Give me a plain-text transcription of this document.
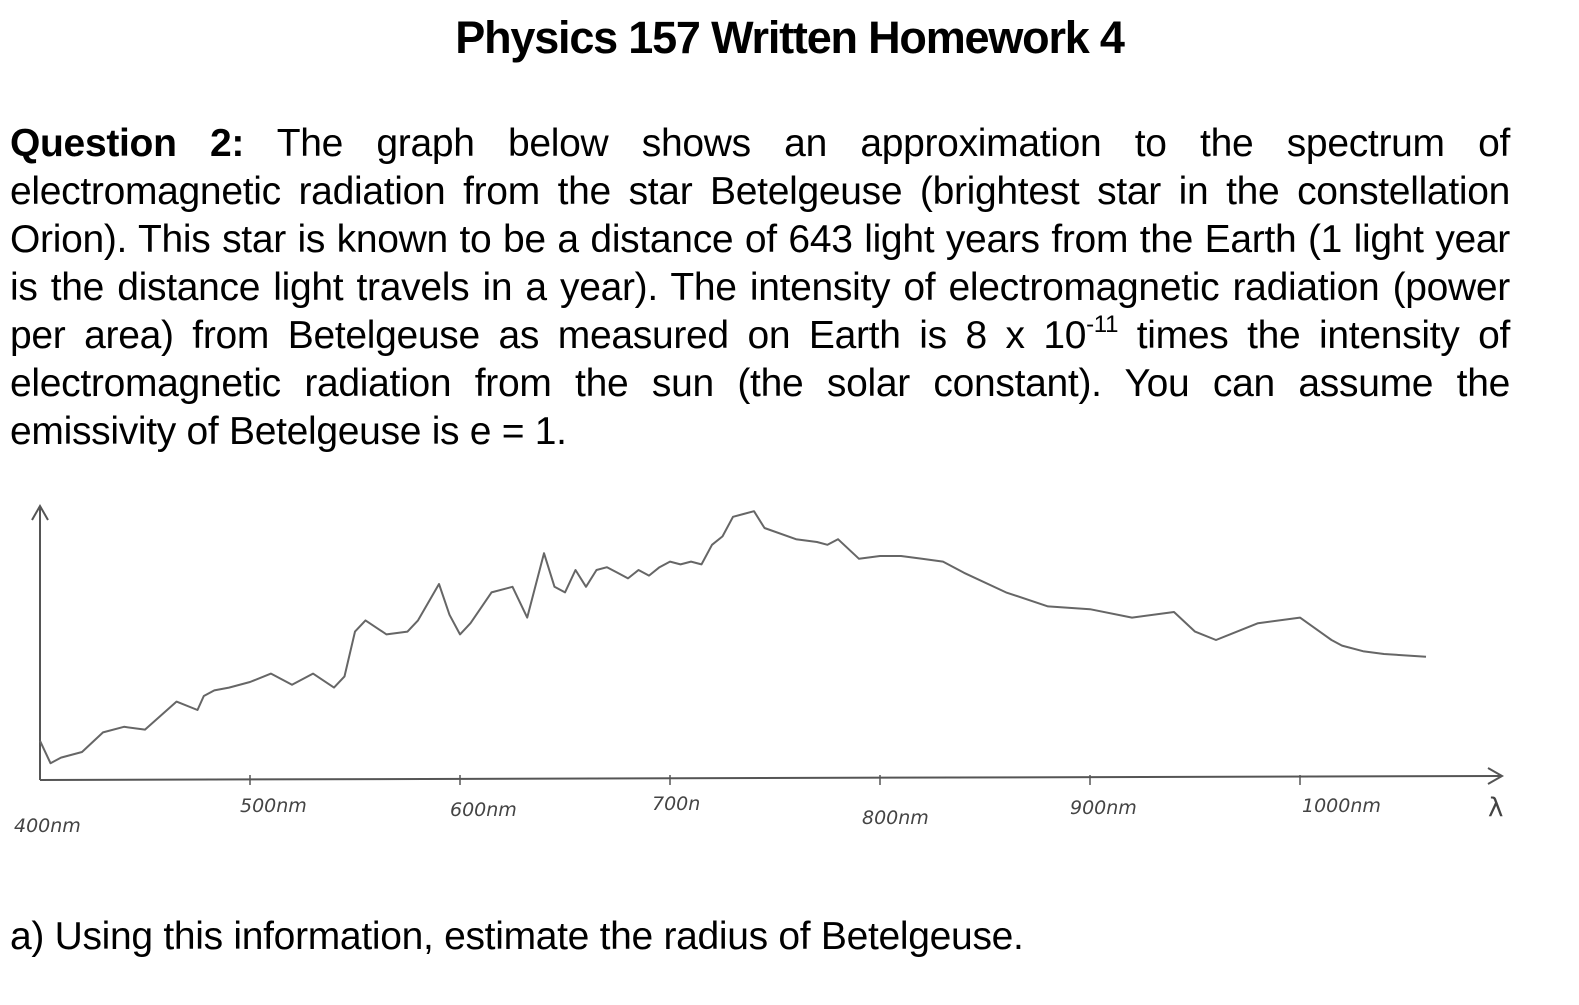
Physics 157 Written Homework 4
Question 2: The graph below shows an approximation to the spectrum of electromagnetic radiation from the star Betelgeuse (brightest star in the constellation Orion). This star is known to be a distance of 643 light years from the Earth (1 light year is the distance light travels in a year). The intensity of electromagnetic radiation (power per area) from Betelgeuse as measured on Earth is 8 x $10^{-11}$ times the intensity of electromagnetic radiation from the sun (the solar constant). You can assume the emissivity of Betelgeuse is e = 1.
400nm
500nm	600nm	700n
800nm	900nm	1000nm	λ
a) Using this information, estimate the radius of Betelgeuse.
